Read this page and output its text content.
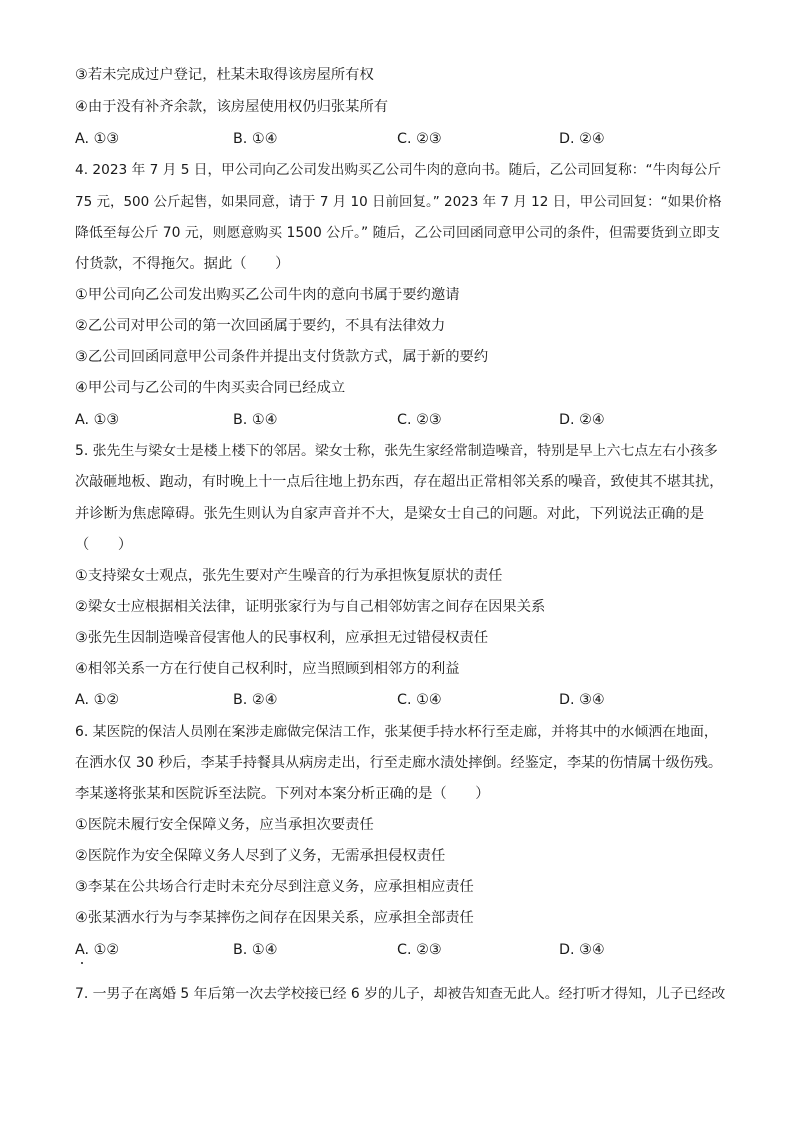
③若未完成过户登记，杜某未取得该房屋所有权
④由于没有补齐余款，该房屋使用权仍归张某所有
A. ①③	B. ①④	C. ②③	D. ②④
4. 2023 年 7 月 5 日，甲公司向乙公司发出购买乙公司牛肉的意向书。随后，乙公司回复称：“牛肉每公斤
75 元，500 公斤起售，如果同意，请于 7 月 10 日前回复。” 2023 年 7 月 12 日，甲公司回复：“如果价格
降低至每公斤 70 元，则愿意购买 1500 公斤。” 随后，乙公司回函同意甲公司的条件，但需要货到立即支
付货款，不得拖欠。据此（　　）
①甲公司向乙公司发出购买乙公司牛肉的意向书属于要约邀请
②乙公司对甲公司的第一次回函属于要约，不具有法律效力
③乙公司回函同意甲公司条件并提出支付货款方式，属于新的要约
④甲公司与乙公司的牛肉买卖合同已经成立
A. ①③	B. ①④	C. ②③	D. ②④
5. 张先生与梁女士是楼上楼下的邻居。梁女士称，张先生家经常制造噪音，特别是早上六七点左右小孩多
次敲砸地板、跑动，有时晚上十一点后往地上扔东西，存在超出正常相邻关系的噪音，致使其不堪其扰，
并诊断为焦虑障碍。张先生则认为自家声音并不大，是梁女士自己的问题。对此，下列说法正确的是
（　　）
①支持梁女士观点，张先生要对产生噪音的行为承担恢复原状的责任
②梁女士应根据相关法律，证明张家行为与自己相邻妨害之间存在因果关系
③张先生因制造噪音侵害他人的民事权利，应承担无过错侵权责任
④相邻关系一方在行使自己权利时，应当照顾到相邻方的利益
A. ①②	B. ②④	C. ①④	D. ③④
6. 某医院的保洁人员刚在案涉走廊做完保洁工作，张某便手持水杯行至走廊，并将其中的水倾洒在地面，
在洒水仅 30 秒后，李某手持餐具从病房走出，行至走廊水渍处摔倒。经鉴定，李某的伤情属十级伤残。
李某遂将张某和医院诉至法院。下列对本案分析正确的是（　　）
①医院未履行安全保障义务，应当承担次要责任
②医院作为安全保障义务人尽到了义务，无需承担侵权责任
③李某在公共场合行走时未充分尽到注意义务，应承担相应责任
④张某洒水行为与李某摔伤之间存在因果关系，应承担全部责任
A. ①②	B. ①④	C. ②③	D. ③④
7. 一男子在离婚 5 年后第一次去学校接已经 6 岁的儿子，却被告知查无此人。经打听才得知，儿子已经改
